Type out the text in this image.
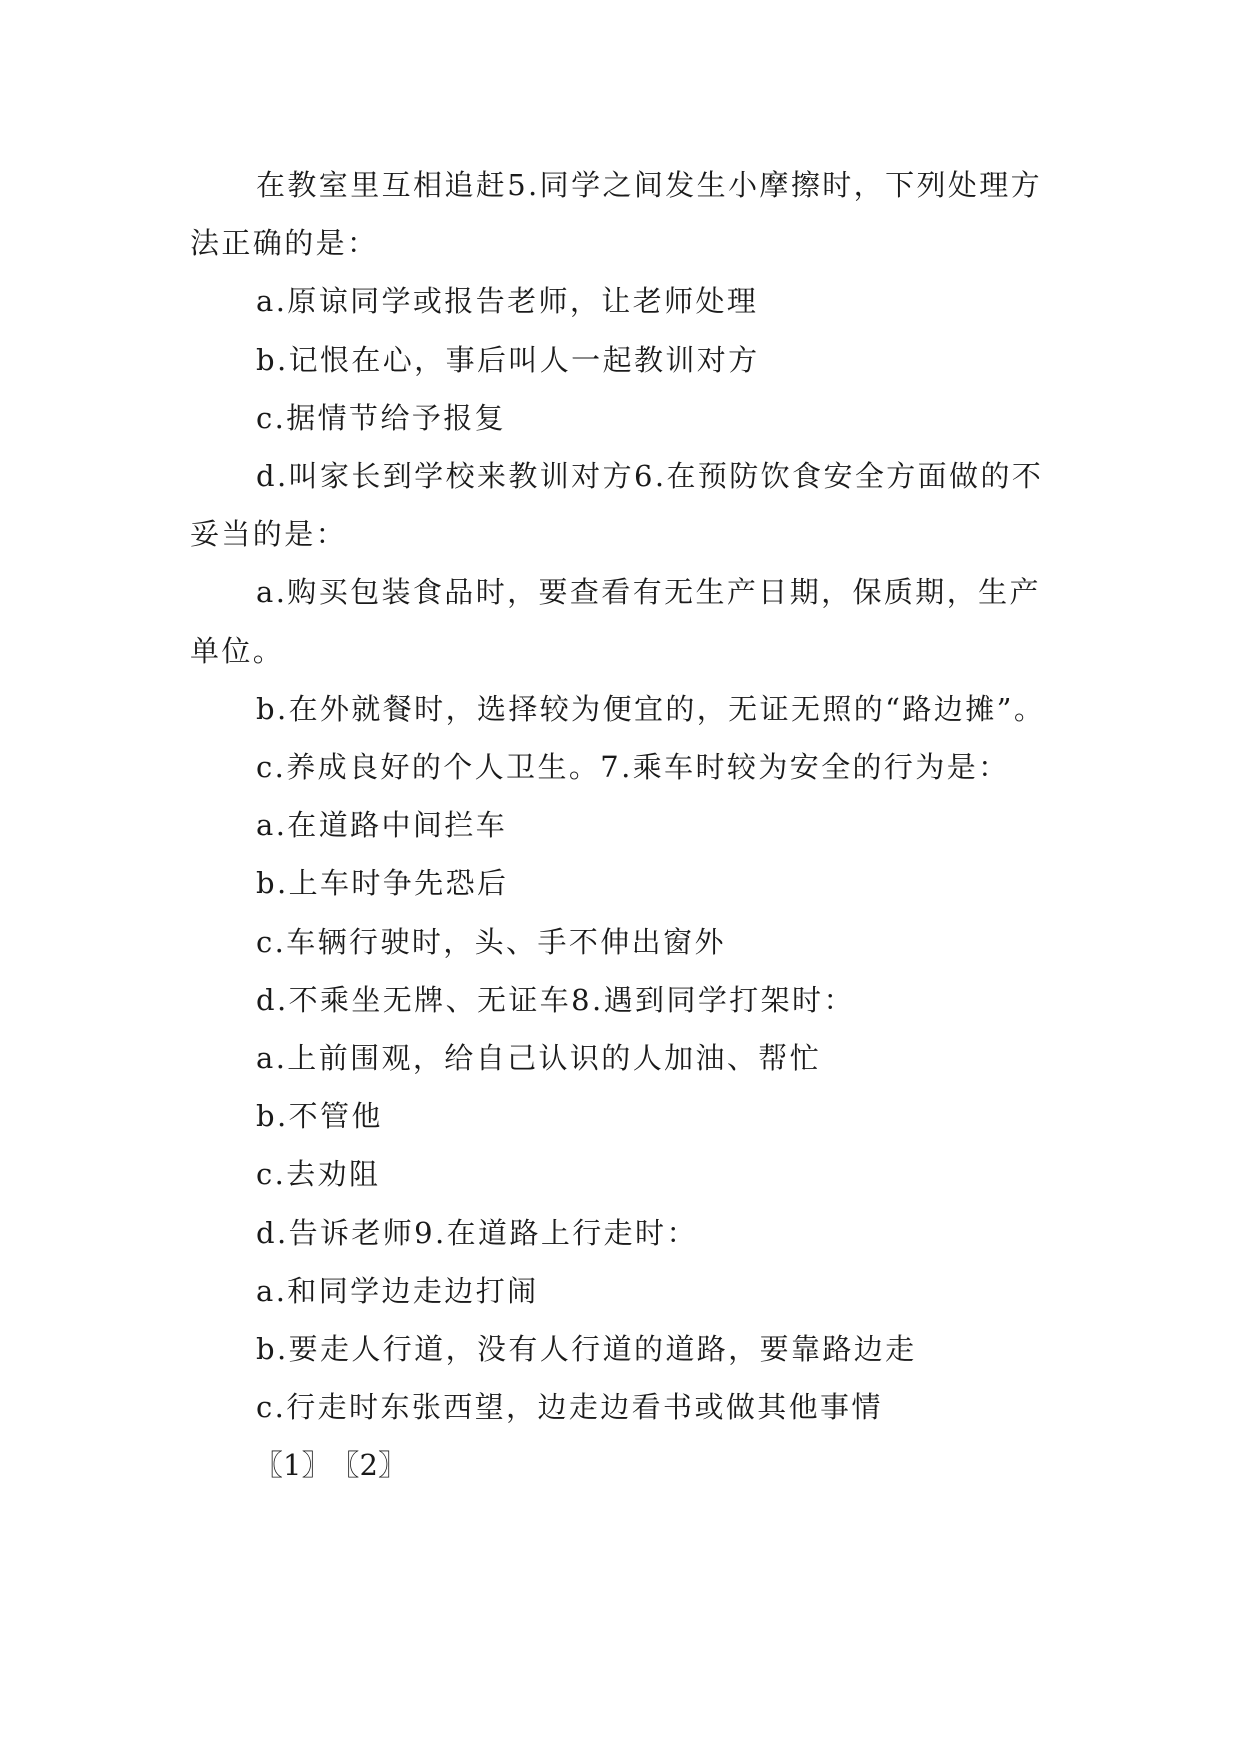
在教室里互相追赶5.同学之间发生小摩擦时，下列处理方法正确的是：

a.原谅同学或报告老师，让老师处理

b.记恨在心，事后叫人一起教训对方

c.据情节给予报复

d.叫家长到学校来教训对方6.在预防饮食安全方面做的不妥当的是：

a.购买包装食品时，要查看有无生产日期，保质期，生产单位。

b.在外就餐时，选择较为便宜的，无证无照的“路边摊”。

c.养成良好的个人卫生。7.乘车时较为安全的行为是：

a.在道路中间拦车

b.上车时争先恐后

c.车辆行驶时，头、手不伸出窗外

d.不乘坐无牌、无证车8.遇到同学打架时：

a.上前围观，给自己认识的人加油、帮忙

b.不管他

c.去劝阻

d.告诉老师9.在道路上行走时：

a.和同学边走边打闹

b.要走人行道，没有人行道的道路，要靠路边走

c.行走时东张西望，边走边看书或做其他事情

〖1〗〖2〗
